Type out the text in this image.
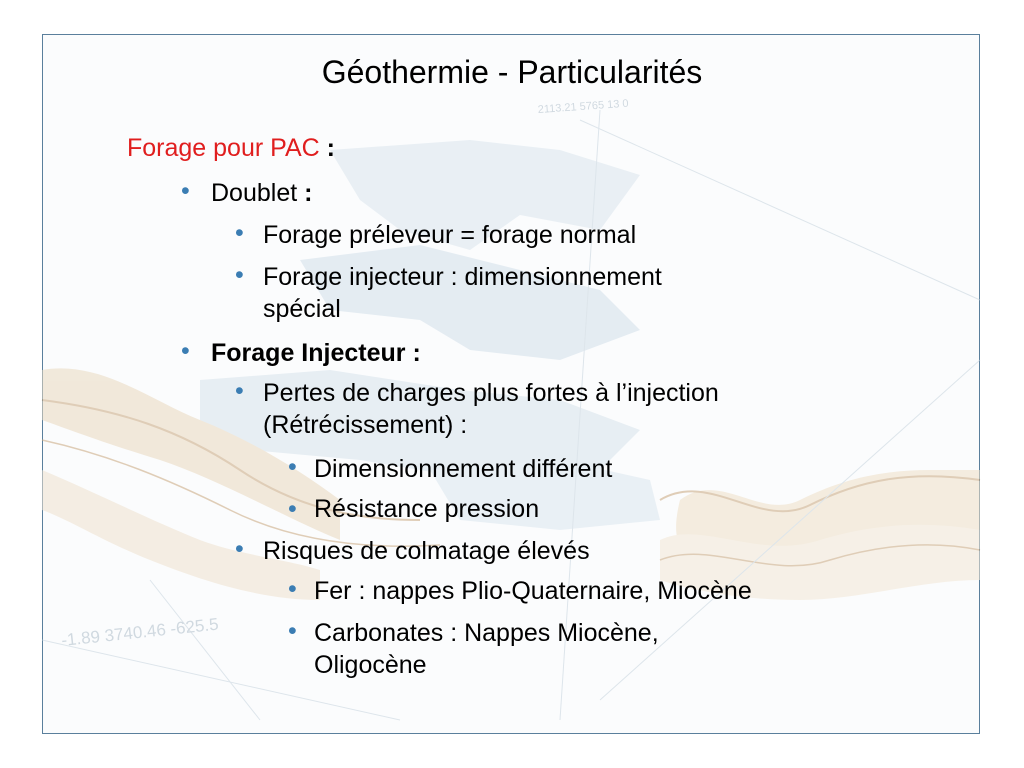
2113.21 5765 13 0
-1.89 3740.46 -625.5
Géothermie - Particularités
Forage pour PAC :
• Doublet :
• Forage préleveur = forage normal
• Forage injecteur : dimensionnement
spécial
• Forage Injecteur :
• Pertes de charges plus fortes à l’injection
(Rétrécissement) :
• Dimensionnement différent
• Résistance pression
• Risques de colmatage élevés
• Fer : nappes Plio-Quaternaire, Miocène
• Carbonates : Nappes Miocène,
Oligocène
